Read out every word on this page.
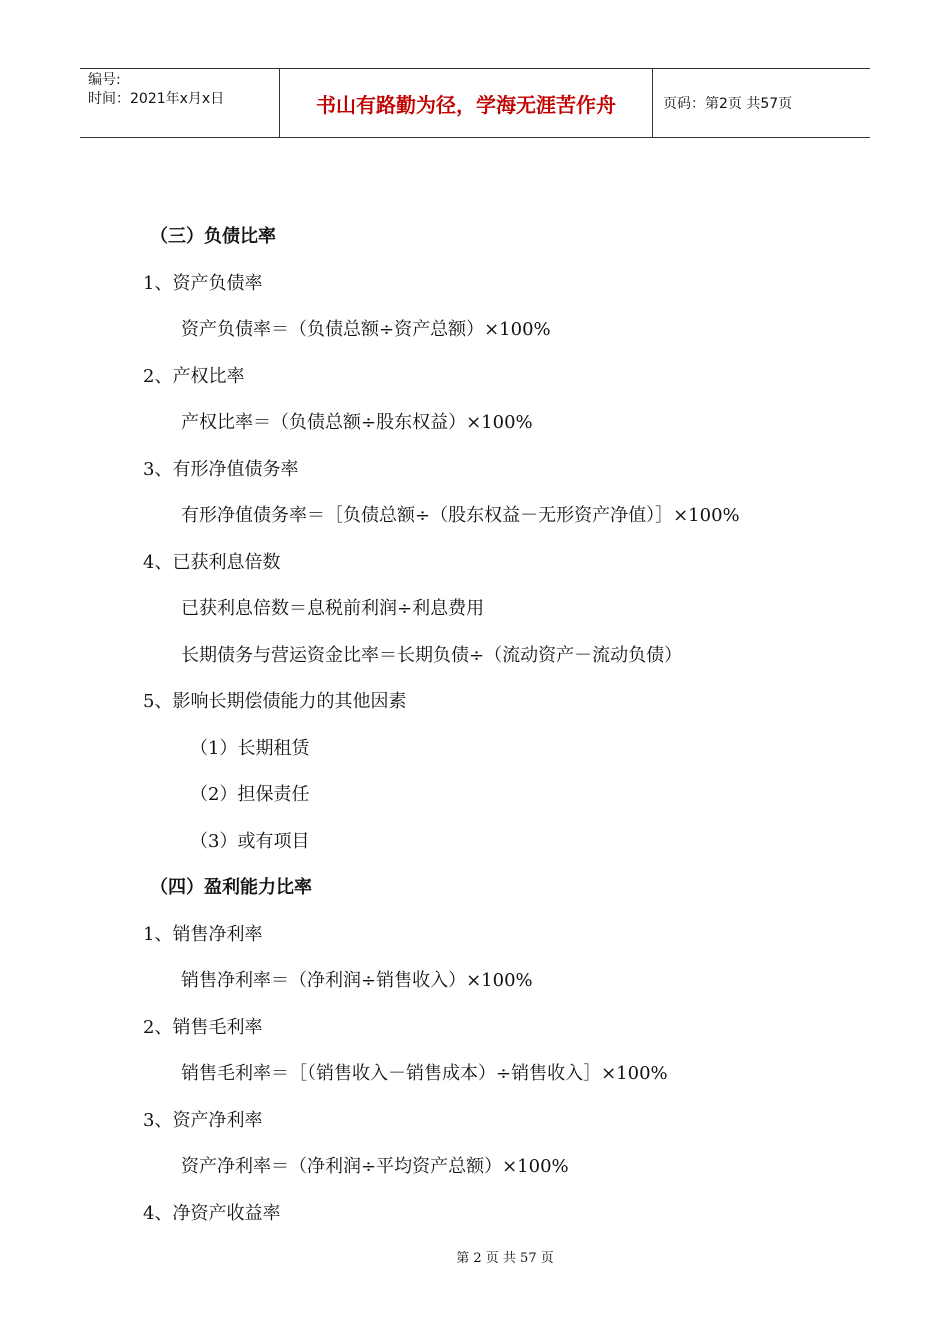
编号:
时间：2021年x月x日	书山有路勤为径，学海无涯苦作舟	页码：第2页 共57页
（三）负债比率
1、资产负债率
资产负债率＝（负债总额÷资产总额）×100%
2、产权比率
产权比率＝（负债总额÷股东权益）×100%
3、有形净值债务率
有形净值债务率＝［负债总额÷（股东权益－无形资产净值）］×100%
4、已获利息倍数
已获利息倍数＝息税前利润÷利息费用
长期债务与营运资金比率＝长期负债÷（流动资产－流动负债）
5、影响长期偿债能力的其他因素
（1）长期租赁
（2）担保责任
（3）或有项目
（四）盈利能力比率
1、销售净利率
销售净利率＝（净利润÷销售收入）×100%
2、销售毛利率
销售毛利率＝［（销售收入－销售成本）÷销售收入］×100%
3、资产净利率
资产净利率＝（净利润÷平均资产总额）×100%
4、净资产收益率
第 2 页 共 57 页
